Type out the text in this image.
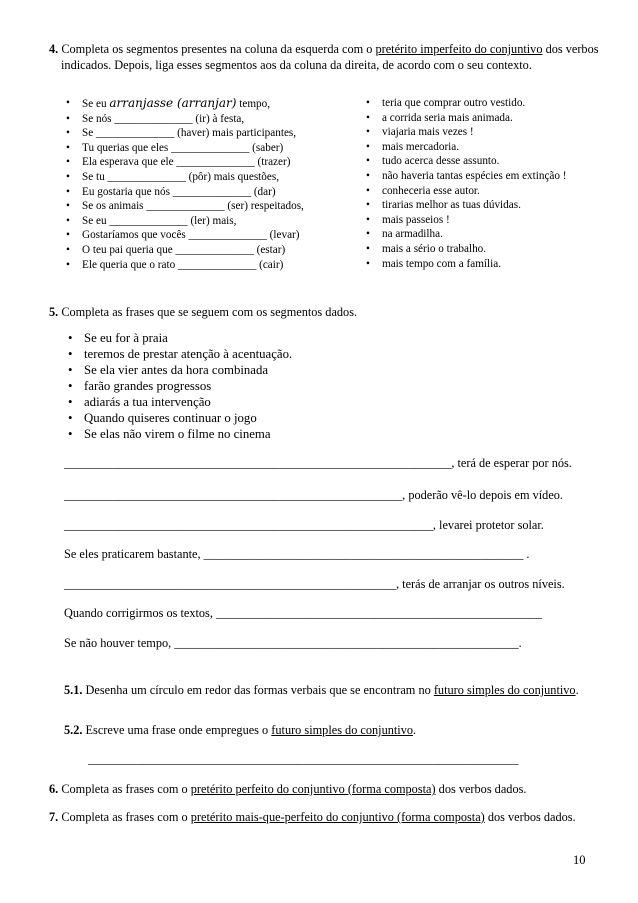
4. Completa os segmentos presentes na coluna da esquerda com o pretérito imperfeito do conjuntivo dos verbos indicados. Depois, liga esses segmentos aos da coluna da direita, de acordo com o seu contexto.
• Se eu arranjasse (arranjar) tempo,
• Se nós ______________ (ir) à festa,
• Se ______________ (haver) mais participantes,
• Tu querias que eles ______________ (saber)
• Ela esperava que ele ______________ (trazer)
• Se tu ______________ (pôr) mais questões,
• Eu gostaria que nós ______________ (dar)
• Se os animais ______________ (ser) respeitados,
• Se eu ______________ (ler) mais,
• Gostaríamos que vocês ______________ (levar)
• O teu pai queria que ______________ (estar)
• Ele queria que o rato ______________ (cair)
• teria que comprar outro vestido.
• a corrida seria mais animada.
• viajaria mais vezes !
• mais mercadoria.
• tudo acerca desse assunto.
• não haveria tantas espécies em extinção !
• conheceria esse autor.
• tirarias melhor as tuas dúvidas.
• mais passeios !
• na armadilha.
• mais a sério o trabalho.
• mais tempo com a família.
5. Completa as frases que se seguem com os segmentos dados.
• Se eu for à praia
• teremos de prestar atenção à acentuação.
• Se ela vier antes da hora combinada
• farão grandes progressos
• adiarás a tua intervenção
• Quando quiseres continuar o jogo
• Se elas não virem o filme no cinema
_______________________________________________________________, terá de esperar por nós.
_______________________________________________________, poderão vê-lo depois em vídeo.
____________________________________________________________, levarei protetor solar.
Se eles praticarem bastante, ____________________________________________________ .
______________________________________________________, terás de arranjar os outros níveis.
Quando corrigirmos os textos, _____________________________________________________
Se não houver tempo, ________________________________________________________.
5.1. Desenha um círculo em redor das formas verbais que se encontram no futuro simples do conjuntivo.
5.2. Escreve uma frase onde empregues o futuro simples do conjuntivo.
______________________________________________________________________
6. Completa as frases com o pretérito perfeito do conjuntivo (forma composta) dos verbos dados.
7. Completa as frases com o pretérito mais-que-perfeito do conjuntivo (forma composta) dos verbos dados.
10
